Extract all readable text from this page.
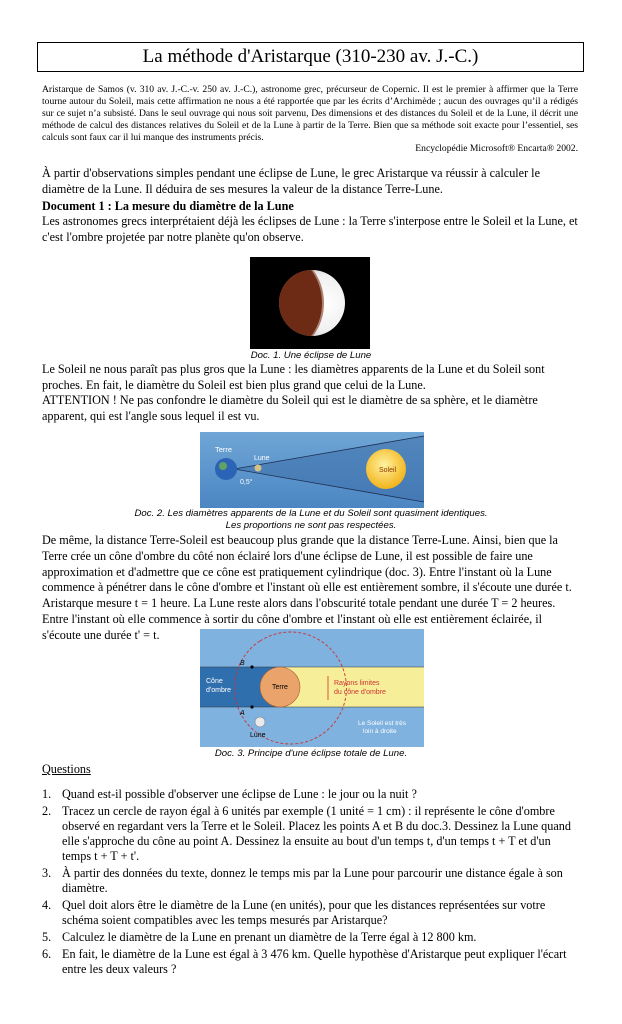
La méthode d'Aristarque (310-230 av. J.-C.)
Aristarque de Samos (v. 310 av. J.-C.-v. 250 av. J.-C.), astronome grec, précurseur de Copernic. Il est le premier à affirmer que la Terre tourne autour du Soleil, mais cette affirmation ne nous a été rapportée que par les écrits d’Archimède ; aucun des ouvrages qu’il a rédigés sur ce sujet n’a subsisté. Dans le seul ouvrage qui nous soit parvenu, Des dimensions et des distances du Soleil et de la Lune, il décrit une méthode de calcul des distances relatives du Soleil et de la Lune à partir de la Terre. Bien que sa méthode soit exacte pour l’essentiel, ses calculs sont faux car il lui manque des instruments précis.
Encyclopédie Microsoft® Encarta® 2002.
À partir d'observations simples pendant une éclipse de Lune, le grec Aristarque va réussir à calculer le diamètre de la Lune. Il déduira de ses mesures la valeur de la distance Terre-Lune.
Document 1 : La mesure du diamètre de la Lune
Les astronomes grecs interprétaient déjà les éclipses de Lune : la Terre s'interpose entre le Soleil et la Lune, et c'est l'ombre projetée par notre planète qu'on observe.
Doc. 1. Une éclipse de Lune
Le Soleil ne nous paraît pas plus gros que la Lune : les diamètres apparents de la Lune et du Soleil sont proches. En fait, le diamètre du Soleil est bien plus grand que celui de la Lune.
ATTENTION ! Ne pas confondre le diamètre du Soleil qui est le diamètre de sa sphère, et le diamètre apparent, qui est l'angle sous lequel il est vu.
Terre
Lune
Soleil
0,5°
Doc. 2. Les diamètres apparents de la Lune et du Soleil sont quasiment identiques.
Les proportions ne sont pas respectées.
De même, la distance Terre-Soleil est beaucoup plus grande que la distance Terre-Lune. Ainsi, bien que la Terre crée un cône d'ombre du côté non éclairé lors d'une éclipse de Lune, il est possible de faire une approximation et d'admettre que ce cône est pratiquement cylindrique (doc. 3). Entre l'instant où la Lune commence à pénétrer dans le cône d'ombre et l'instant où elle est entièrement sombre, il s'écoute une durée t. Aristarque mesure t = 1 heure. La Lune reste alors dans l'obscurité totale pendant une durée T = 2 heures. Entre l'instant où elle commence à sortir du cône d'ombre et l'instant où elle est entièrement éclairée, il s'écoute une durée t' = t.
B
A
Cône
d'ombre	Terre
Lune
Rayons limites
du cône d'ombre
Le Soleil est très
loin à droite
Doc. 3. Principe d'une éclipse totale de Lune.
Questions
1. Quand est-il possible d'observer une éclipse de Lune : le jour ou la nuit ?
2. Tracez un cercle de rayon égal à 6 unités par exemple (1 unité = 1 cm) : il représente le cône d'ombre observé en regardant vers la Terre et le Soleil. Placez les points A et B du doc.3. Dessinez la Lune quand elle s'approche du cône au point A. Dessinez la ensuite au bout d'un temps t, d'un temps t + T et d'un temps t + T + t'.
3. À partir des données du texte, donnez le temps mis par la Lune pour parcourir une distance égale à son diamètre.
4. Quel doit alors être le diamètre de la Lune (en unités), pour que les distances représentées sur votre schéma soient compatibles avec les temps mesurés par Aristarque?
5. Calculez le diamètre de la Lune en prenant un diamètre de la Terre égal à 12 800 km.
6. En fait, le diamètre de la Lune est égal à 3 476 km. Quelle hypothèse d'Aristarque peut expliquer l'écart entre les deux valeurs ?
